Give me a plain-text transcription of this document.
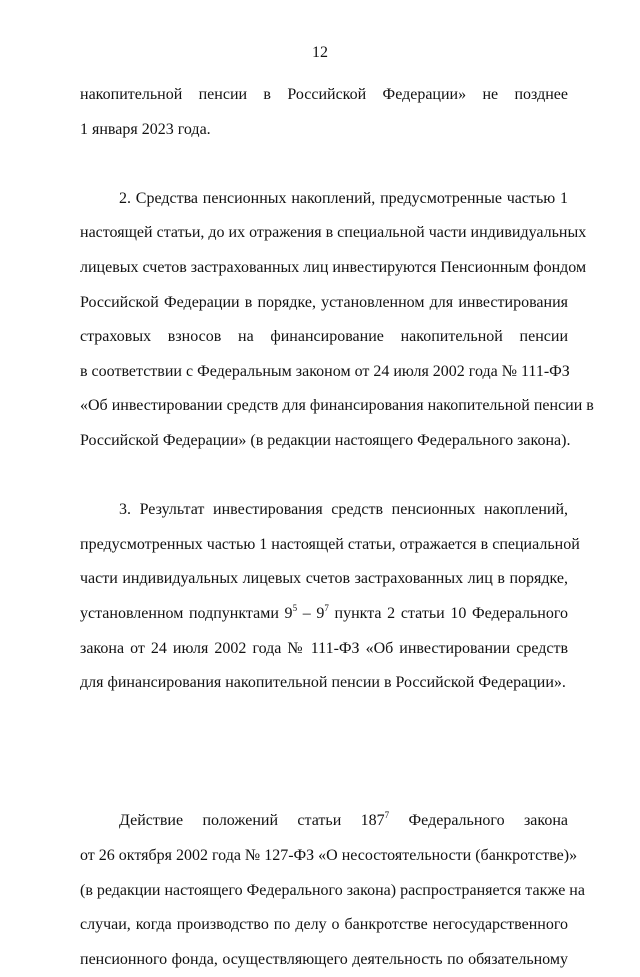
12
накопительной пенсии в Российской Федерации» не позднее
1 января 2023 года.
2. Средства пенсионных накоплений, предусмотренные частью 1
настоящей статьи, до их отражения в специальной части индивидуальных
лицевых счетов застрахованных лиц инвестируются Пенсионным фондом
Российской Федерации в порядке, установленном для инвестирования
страховых взносов на финансирование накопительной пенсии
в соответствии с Федеральным законом от 24 июля 2002 года № 111-ФЗ
«Об инвестировании средств для финансирования накопительной пенсии в
Российской Федерации» (в редакции настоящего Федерального закона).
3. Результат инвестирования средств пенсионных накоплений,
предусмотренных частью 1 настоящей статьи, отражается в специальной
части индивидуальных лицевых счетов застрахованных лиц в порядке,
установленном подпунктами $9^5 - 9^7$ пункта 2 статьи 10 Федерального
закона от 24 июля 2002 года № 111-ФЗ «Об инвестировании средств
для финансирования накопительной пенсии в Российской Федерации».
Действие положений статьи $187^7$ Федерального закона
от 26 октября 2002 года № 127-ФЗ «О несостоятельности (банкротстве)»
(в редакции настоящего Федерального закона) распространяется также на
случаи, когда производство по делу о банкротстве негосударственного
пенсионного фонда, осуществляющего деятельность по обязательному
